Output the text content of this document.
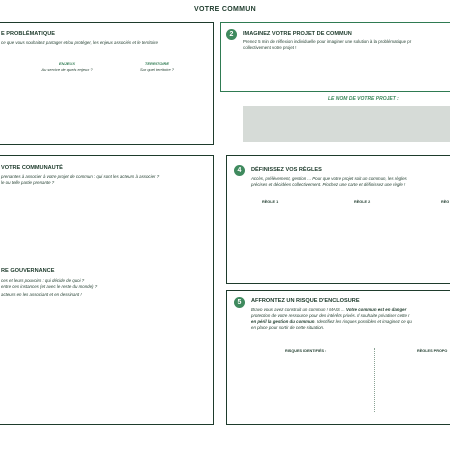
VOTRE COMMUN
E PROBLÉMATIQUE
ce que vous souhaitez partager et/ou protéger, les enjeux associés et le territoire
ENJEUX
Au service de quels enjeux ?
TERRITOIRE
Sur quel territoire ?
2	IMAGINEZ VOTRE PROJET DE COMMUN
Prenez 5 min de réflexion individuelle pour imaginer une solution à la problématique pr
collectivement votre projet !
LE NOM DE VOTRE PROJET :
VOTRE COMMUNAUTÉ
prenantes à associer à votre projet de commun : qui sont les acteurs à associer ?
le ou telle partie prenante ?
RE GOUVERNANCE
ces et leurs pouvoirs : qui décide de quoi ?
entre ces instances (et avec le reste du monde) ?
acteurs en les associant et en dessinant !
4	DÉFINISSEZ VOS RÈGLES
Accès, prélèvement, gestion ... Pour que votre projet soit un commun, les règles
précises et décidées collectivement. Piochez une carte et définissez une règle !
RÈGLE 1	RÈGLE 2	RÈG
5	AFFRONTEZ UN RISQUE D'ENCLOSURE
Bravo vous avez construit un commun ! MAIS ... Votre commun est en danger
protection de votre ressource pour des intérêts privés. Il souhaite privatiser cette r
en péril la gestion du commun. Identifiez les risques possibles et imaginez ce qu
en place pour sortir de cette situation.
RISQUES IDENTIFIÉS :	RÈGLES PROPO
